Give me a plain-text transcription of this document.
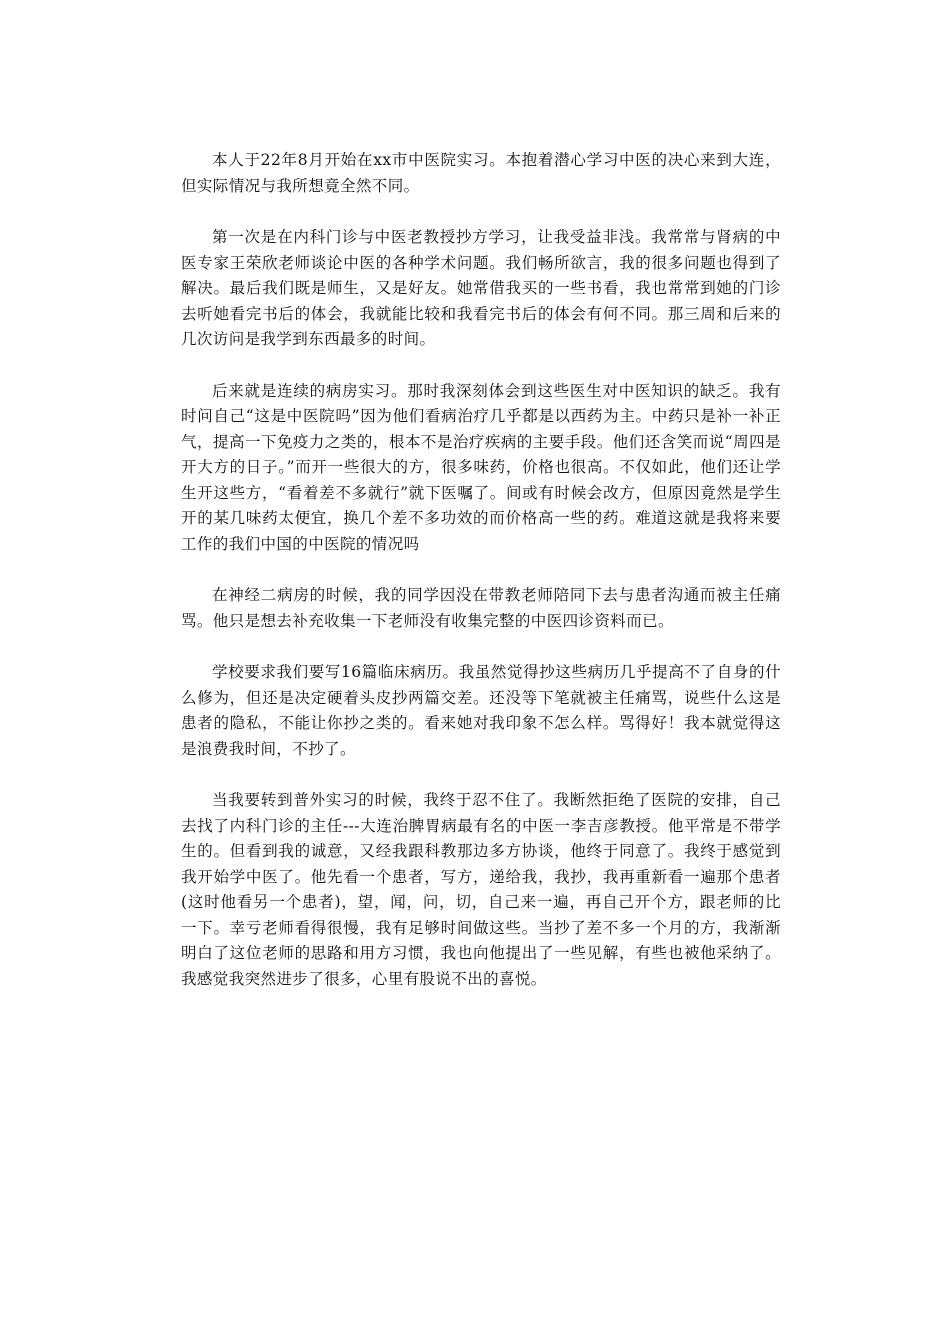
本人于22年8月开始在xx市中医院实习。本抱着潜心学习中医的决心来到大连，但实际情况与我所想竟全然不同。

第一次是在内科门诊与中医老教授抄方学习，让我受益非浅。我常常与肾病的中医专家王荣欣老师谈论中医的各种学术问题。我们畅所欲言，我的很多问题也得到了解决。最后我们既是师生，又是好友。她常借我买的一些书看，我也常常到她的门诊去听她看完书后的体会，我就能比较和我看完书后的体会有何不同。那三周和后来的几次访问是我学到东西最多的时间。

后来就是连续的病房实习。那时我深刻体会到这些医生对中医知识的缺乏。我有时问自己“这是中医院吗”因为他们看病治疗几乎都是以西药为主。中药只是补一补正气，提高一下免疫力之类的，根本不是治疗疾病的主要手段。他们还含笑而说“周四是开大方的日子。”而开一些很大的方，很多味药，价格也很高。不仅如此，他们还让学生开这些方，“看着差不多就行”就下医嘱了。间或有时候会改方，但原因竟然是学生开的某几味药太便宜，换几个差不多功效的而价格高一些的药。难道这就是我将来要工作的我们中国的中医院的情况吗

在神经二病房的时候，我的同学因没在带教老师陪同下去与患者沟通而被主任痛骂。他只是想去补充收集一下老师没有收集完整的中医四诊资料而已。

学校要求我们要写16篇临床病历。我虽然觉得抄这些病历几乎提高不了自身的什么修为，但还是决定硬着头皮抄两篇交差。还没等下笔就被主任痛骂，说些什么这是患者的隐私，不能让你抄之类的。看来她对我印象不怎么样。骂得好！我本就觉得这是浪费我时间，不抄了。

当我要转到普外实习的时候，我终于忍不住了。我断然拒绝了医院的安排，自己去找了内科门诊的主任---大连治脾胃病最有名的中医一李吉彦教授。他平常是不带学生的。但看到我的诚意，又经我跟科教那边多方协谈，他终于同意了。我终于感觉到我开始学中医了。他先看一个患者，写方，递给我，我抄，我再重新看一遍那个患者(这时他看另一个患者)，望，闻，问，切，自己来一遍，再自己开个方，跟老师的比一下。幸亏老师看得很慢，我有足够时间做这些。当抄了差不多一个月的方，我渐渐明白了这位老师的思路和用方习惯，我也向他提出了一些见解，有些也被他采纳了。我感觉我突然进步了很多，心里有股说不出的喜悦。
